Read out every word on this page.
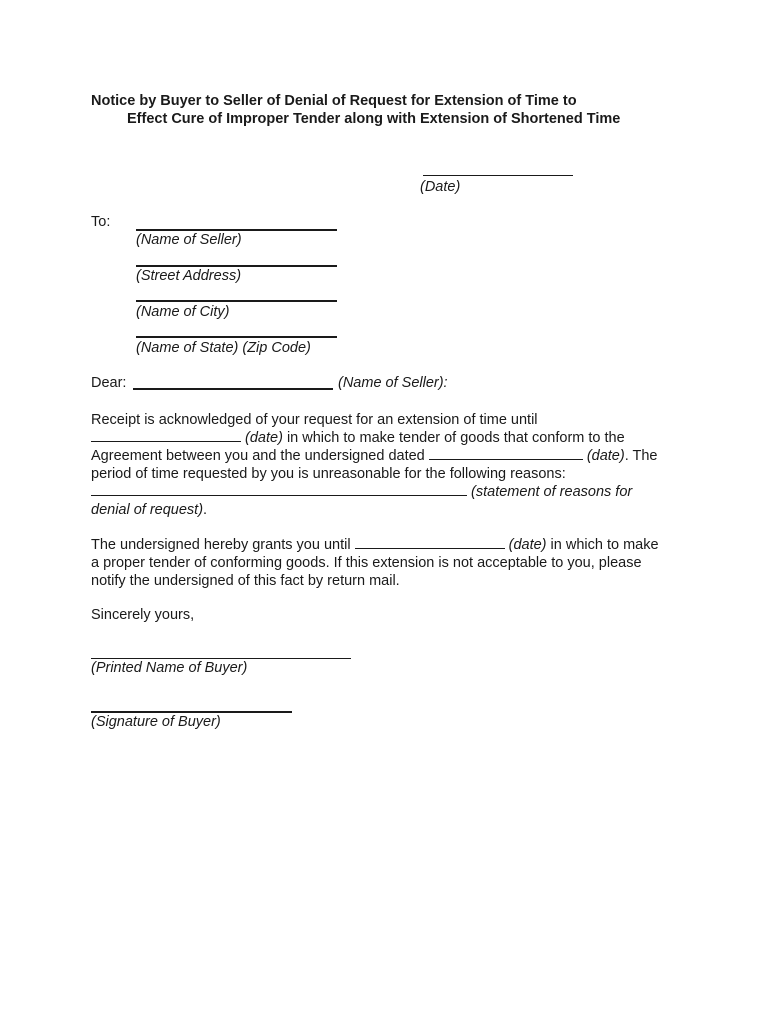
Notice by Buyer to Seller of Denial of Request for Extension of Time to
Effect Cure of Improper Tender along with Extension of Shortened Time
(Date)
To:
(Name of Seller)
(Street Address)
(Name of City)
(Name of State) (Zip Code)
Dear:	(Name of Seller):
Receipt is acknowledged of your request for an extension of time until
(date) in which to make tender of goods that conform to the
Agreement between you and the undersigned dated	(date). The
period of time requested by you is unreasonable for the following reasons:
(statement of reasons for
denial of request).
The undersigned hereby grants you until	(date) in which to make
a proper tender of conforming goods. If this extension is not acceptable to you, please
notify the undersigned of this fact by return mail.
Sincerely yours,
(Printed Name of Buyer)
(Signature of Buyer)
